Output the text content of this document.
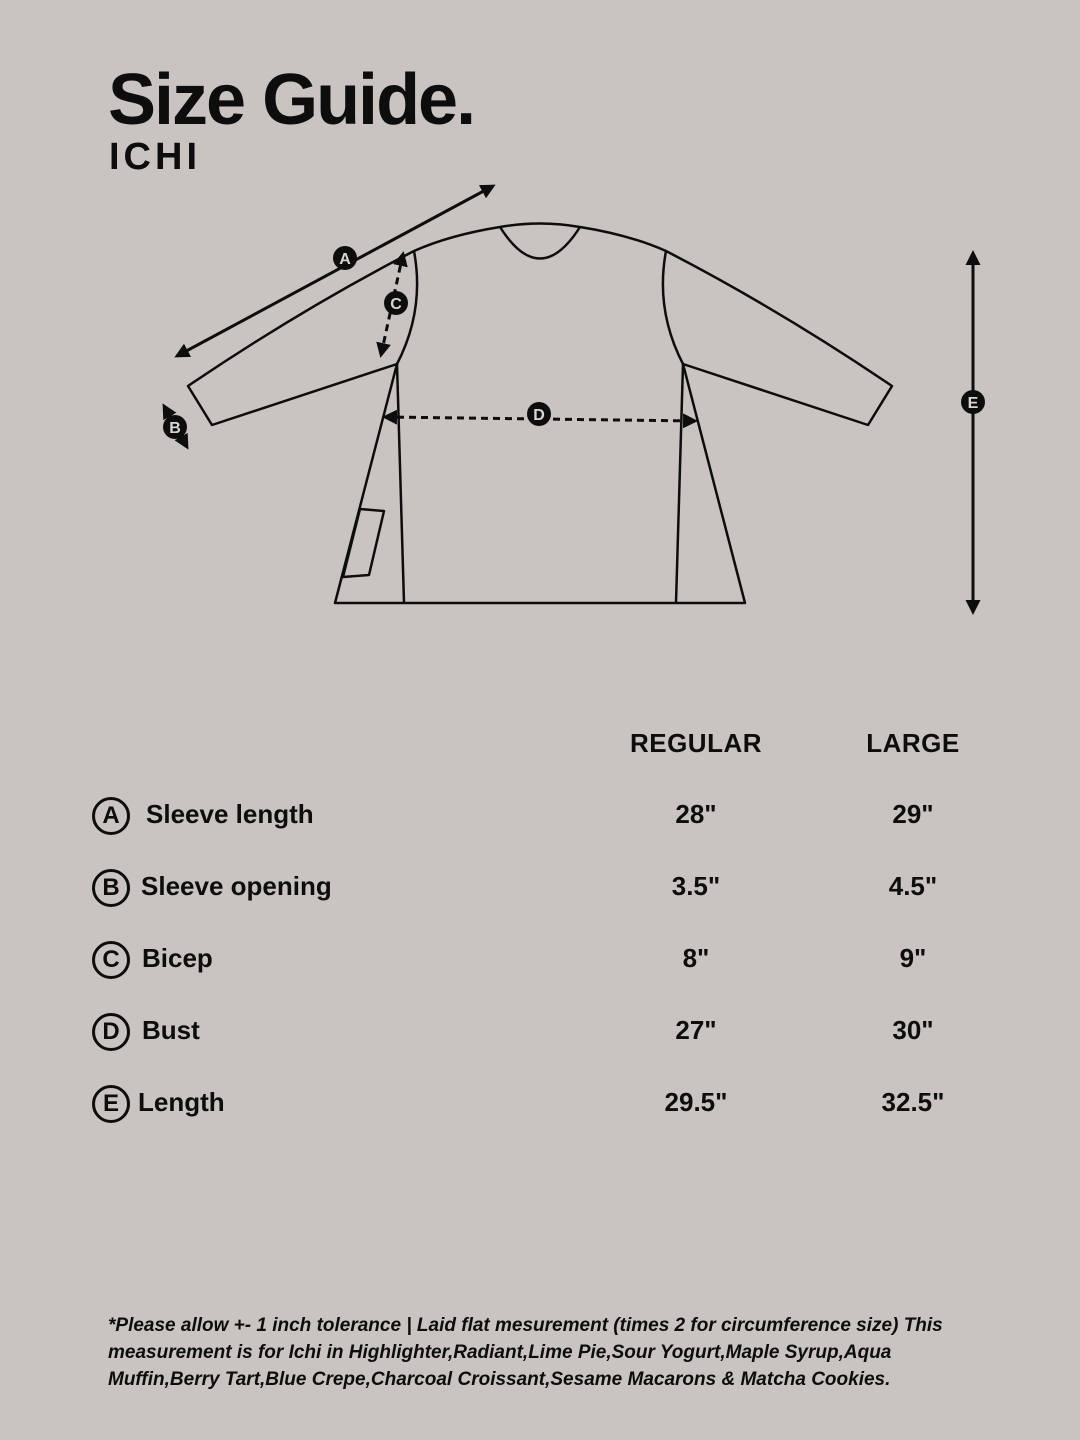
Size Guide.
ICHI
A
B
C
D
E
REGULAR	LARGE
A	Sleeve length	28"	29"
B Sleeve opening	3.5"	4.5"
C Bicep	8"	9"
D Bust	27"	30"
E Length	29.5"	32.5"

*Please allow +- 1 inch tolerance | Laid flat mesurement (times 2 for circumference size) This measurement is for Ichi in Highlighter,Radiant,Lime Pie,Sour Yogurt,Maple Syrup,Aqua Muffin,Berry Tart,Blue Crepe,Charcoal Croissant,Sesame Macarons & Matcha Cookies.
